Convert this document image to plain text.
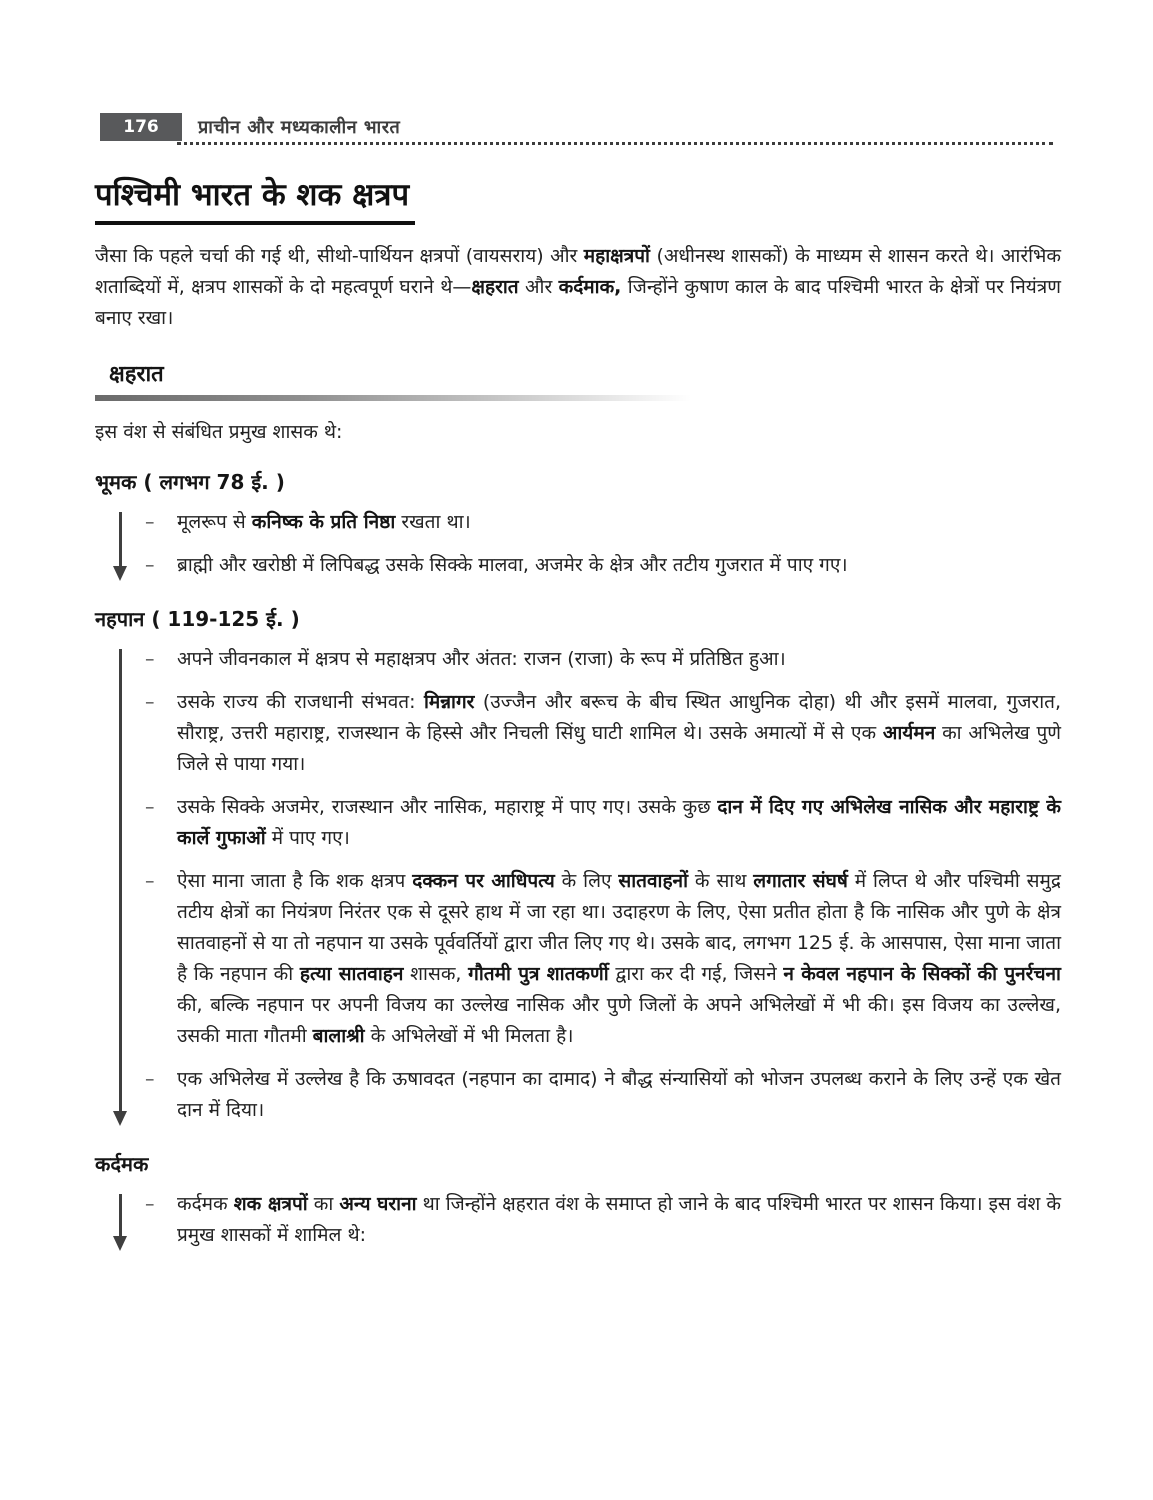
176	प्राचीन और मध्यकालीन भारत
पश्चिमी भारत के शक क्षत्रप

जैसा कि पहले चर्चा की गई थी, सीथो-पार्थियन क्षत्रपों (वायसराय) और महाक्षत्रपों (अधीनस्थ शासकों) के माध्यम से शासन करते थे। आरंभिक शताब्दियों में, क्षत्रप शासकों के दो महत्वपूर्ण घराने थे—क्षहरात और कर्दमाक, जिन्होंने कुषाण काल के बाद पश्चिमी भारत के क्षेत्रों पर नियंत्रण बनाए रखा।

क्षहरात

इस वंश से संबंधित प्रमुख शासक थे:

भूमक ( लगभग 78 ई. )
–	मूलरूप से कनिष्क के प्रति निष्ठा रखता था।

–	ब्राह्मी और खरोष्ठी में लिपिबद्ध उसके सिक्के मालवा, अजमेर के क्षेत्र और तटीय गुजरात में पाए गए।

नहपान ( 119-125 ई. )
–	अपने जीवनकाल में क्षत्रप से महाक्षत्रप और अंतत: राजन (राजा) के रूप में प्रतिष्ठित हुआ।

–	उसके राज्य की राजधानी संभवत: मिन्नागर (उज्जैन और बरूच के बीच स्थित आधुनिक दोहा) थी और इसमें मालवा, गुजरात, सौराष्ट्र, उत्तरी महाराष्ट्र, राजस्थान के हिस्से और निचली सिंधु घाटी शामिल थे। उसके अमात्यों में से एक आर्यमन का अभिलेख पुणे जिले से पाया गया।

–	उसके सिक्के अजमेर, राजस्थान और नासिक, महाराष्ट्र में पाए गए। उसके कुछ दान में दिए गए अभिलेख नासिक और महाराष्ट्र के कार्ले गुफाओं में पाए गए।

–	ऐसा माना जाता है कि शक क्षत्रप दक्कन पर आधिपत्य के लिए सातवाहनों के साथ लगातार संघर्ष में लिप्त थे और पश्चिमी समुद्र तटीय क्षेत्रों का नियंत्रण निरंतर एक से दूसरे हाथ में जा रहा था। उदाहरण के लिए, ऐसा प्रतीत होता है कि नासिक और पुणे के क्षेत्र सातवाहनों से या तो नहपान या उसके पूर्ववर्तियों द्वारा जीत लिए गए थे। उसके बाद, लगभग 125 ई. के आसपास, ऐसा माना जाता है कि नहपान की हत्या सातवाहन शासक, गौतमी पुत्र शातकर्णी द्वारा कर दी गई, जिसने न केवल नहपान के सिक्कों की पुनर्रचना की, बल्कि नहपान पर अपनी विजय का उल्लेख नासिक और पुणे जिलों के अपने अभिलेखों में भी की। इस विजय का उल्लेख, उसकी माता गौतमी बालाश्री के अभिलेखों में भी मिलता है।

–	एक अभिलेख में उल्लेख है कि ऊषावदत (नहपान का दामाद) ने बौद्ध संन्यासियों को भोजन उपलब्ध कराने के लिए उन्हें एक खेत दान में दिया।

कर्दमक
–	कर्दमक शक क्षत्रपों का अन्य घराना था जिन्होंने क्षहरात वंश के समाप्त हो जाने के बाद पश्चिमी भारत पर शासन किया। इस वंश के प्रमुख शासकों में शामिल थे:
